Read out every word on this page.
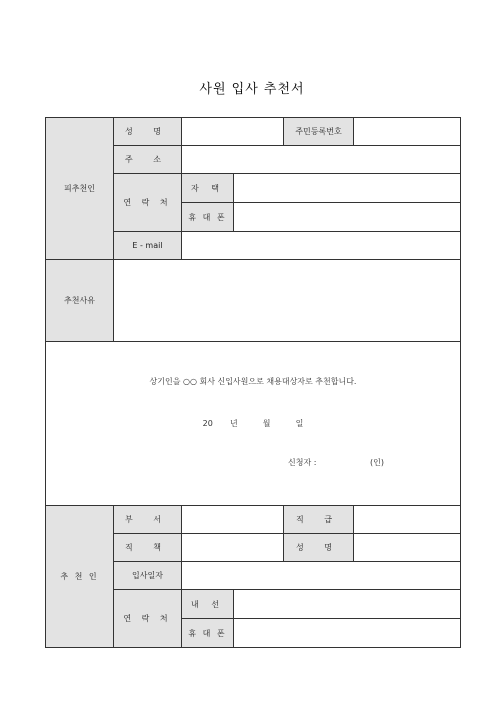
사원 입사 추천서
피추천인	성 명			주민등록번호	
	주 소				
	연 락 처	자 택			
		휴 대 폰			
	E - mail				
추천사유					

상기인을 ○○ 회사 신입사원으로 채용대상자로 추천합니다.
20 년 월 일
신청자 : (인)					

추 천 인	부 서			직 급	
	직 책			성 명	
	입사일자				
	연 락 처	내 선			
		휴 대 폰			
